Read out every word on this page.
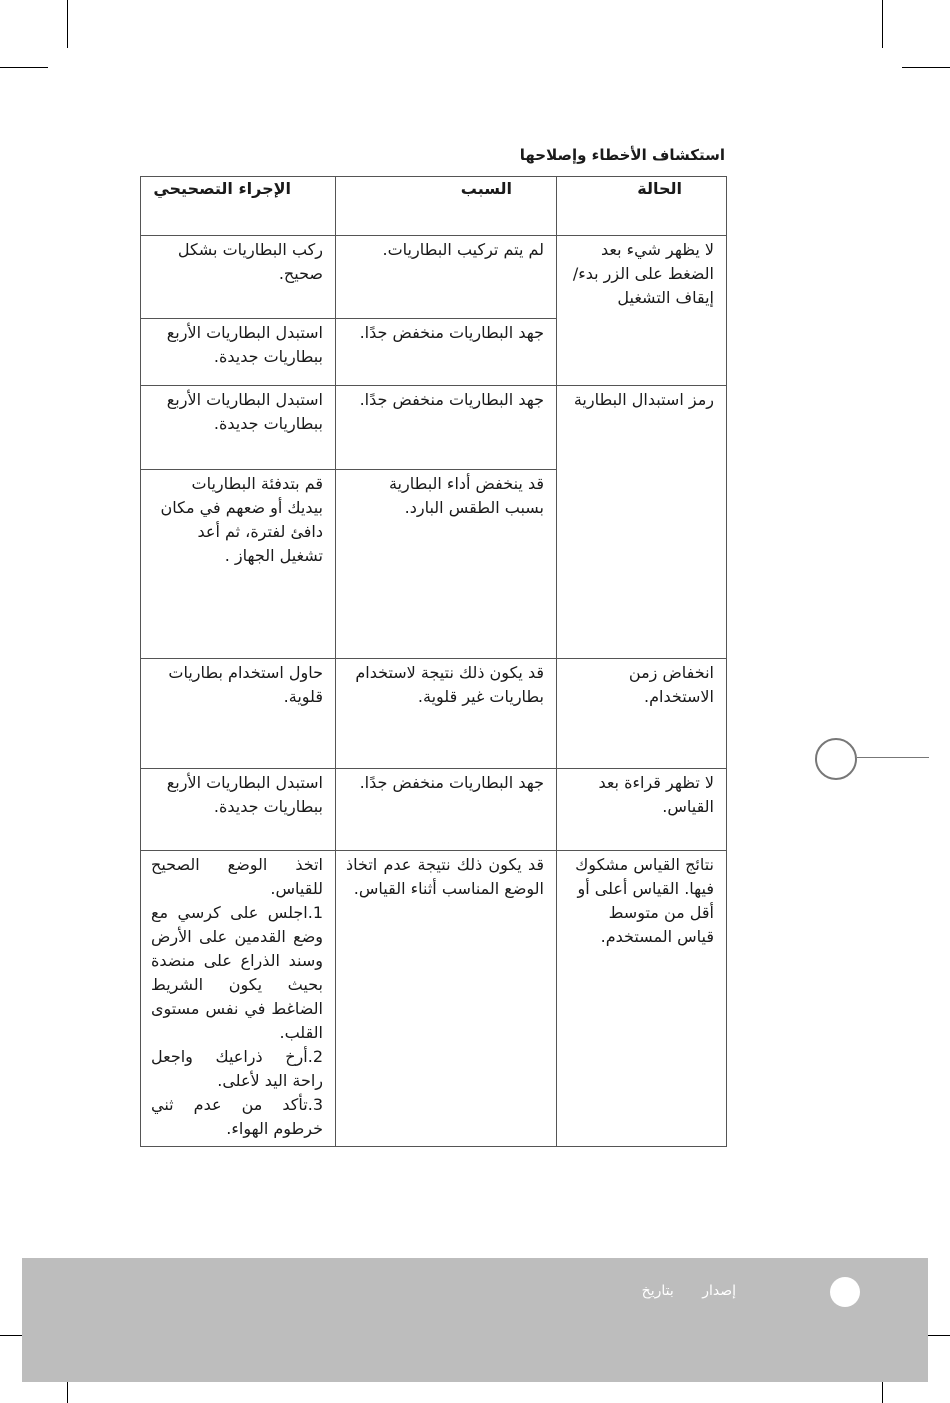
استكشاف الأخطاء وإصلاحها
الحالة	السبب	الإجراء التصحيحي
لا يظهر شيء بعد الضغط على الزر بدء/إيقاف التشغيل	لم يتم تركيب البطاريات.	ركب البطاريات بشكل صحيح.
	جهد البطاريات منخفض جدًا.	استبدل البطاريات الأربع ببطاريات جديدة.
رمز استبدال البطارية	جهد البطاريات منخفض جدًا.	استبدل البطاريات الأربع ببطاريات جديدة.
	قد ينخفض أداء البطارية بسبب الطقس البارد.	قم بتدفئة البطاريات بيديك أو ضعهم في مكان دافئ لفترة، ثم أعد تشغيل الجهاز .
انخفاض زمن الاستخدام.	قد يكون ذلك نتيجة لاستخدام بطاريات غير قلوية.	حاول استخدام بطاريات قلوية.
لا تظهر قراءة بعد القياس.	جهد البطاريات منخفض جدًا.	استبدل البطاريات الأربع ببطاريات جديدة.
نتائج القياس مشكوك فيها. القياس أعلى أو أقل من متوسط قياس المستخدم.	قد يكون ذلك نتيجة عدم اتخاذ الوضع المناسب أثناء القياس.	اتخذ الوضع الصحيح للقياس.
1.اجلس على كرسي مع وضع القدمين على الأرض وسند الذراع على منضدة بحيث يكون الشريط الضاغط في نفس مستوى القلب.
2.أرخ ذراعيك واجعل راحة اليد لأعلى.
3.تأكد من عدم ثني خرطوم الهواء.
إصدار بتاريخ
